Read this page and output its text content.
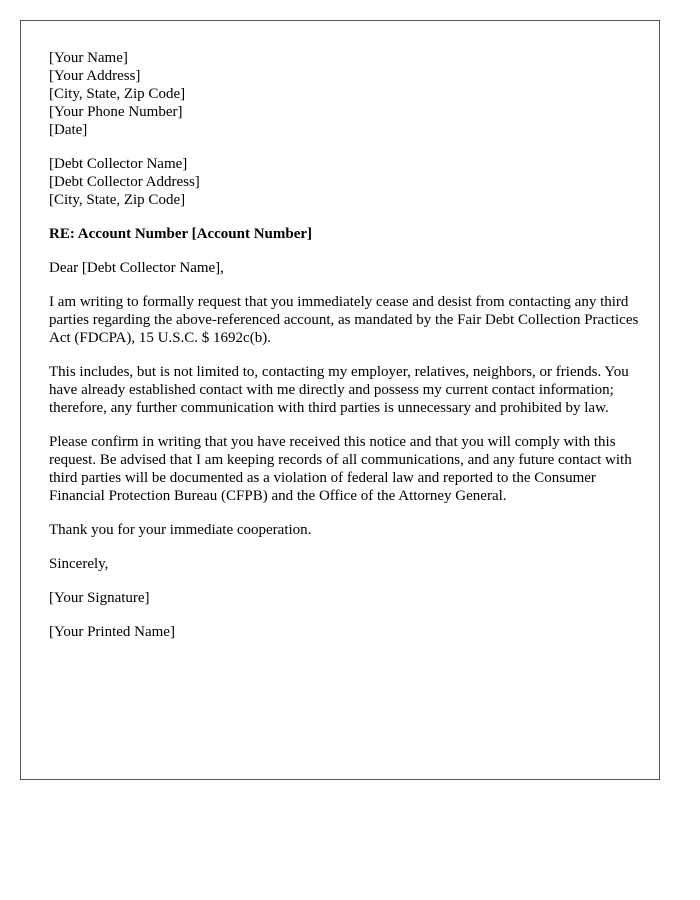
[Your Name]
[Your Address]
[City, State, Zip Code]
[Your Phone Number]
[Date]
[Debt Collector Name]
[Debt Collector Address]
[City, State, Zip Code]

RE: Account Number [Account Number]

Dear [Debt Collector Name],

I am writing to formally request that you immediately cease and desist from contacting any third parties regarding the above-referenced account, as mandated by the Fair Debt Collection Practices Act (FDCPA), 15 U.S.C. $ 1692c(b).

This includes, but is not limited to, contacting my employer, relatives, neighbors, or friends. You have already established contact with me directly and possess my current contact information; therefore, any further communication with third parties is unnecessary and prohibited by law.

Please confirm in writing that you have received this notice and that you will comply with this request. Be advised that I am keeping records of all communications, and any future contact with third parties will be documented as a violation of federal law and reported to the Consumer Financial Protection Bureau (CFPB) and the Office of the Attorney General.

Thank you for your immediate cooperation.

Sincerely,

[Your Signature]

[Your Printed Name]
